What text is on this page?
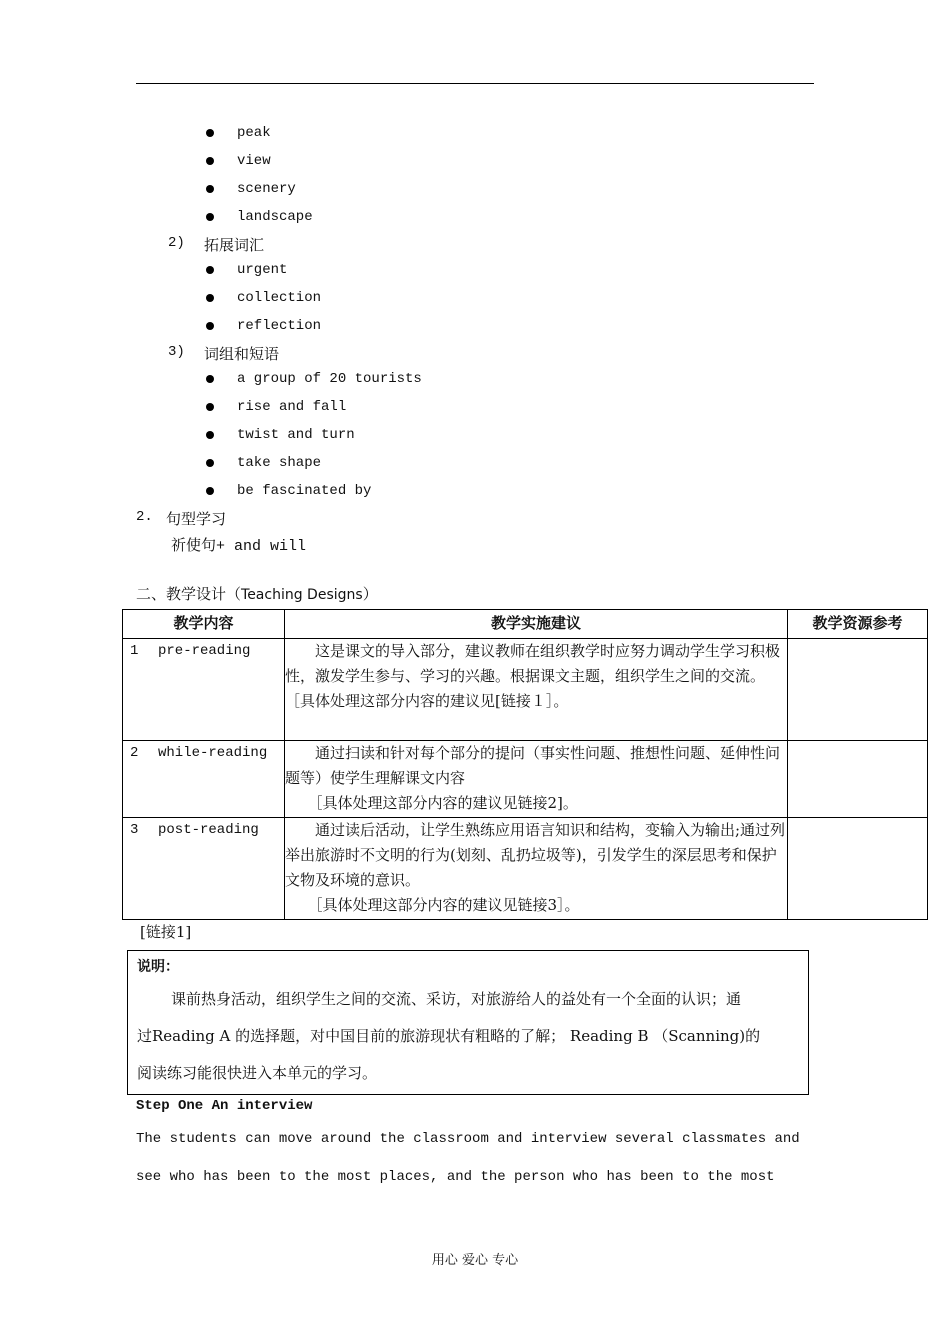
peak
view
scenery
landscape
2) 拓展词汇
urgent
collection
reflection
3) 词组和短语
a group of 20 tourists
rise and fall
twist and turn
take shape
be fascinated by
2. 句型学习
祈使句+ and will
二、教学设计（Teaching Designs）
教学内容	教学实施建议	教学资源参考
1 pre-reading	　　这是课文的导入部分，建议教师在组织教学时应努力调动学生学习积极性，激发学生参与、学习的兴趣。根据课文主题，组织学生之间的交流。
［具体处理这部分内容的建议见[链接１］。	

2 while-reading	　　通过扫读和针对每个部分的提问（事实性问题、推想性问题、延伸性问题等）使学生理解课文内容
　　［具体处理这部分内容的建议见链接2]。	

3 post-reading	　　通过读后活动，让学生熟练应用语言知识和结构，变输入为输出;通过列举出旅游时不文明的行为(划刻、乱扔垃圾等)，引发学生的深层思考和保护文物及环境的意识。
　　［具体处理这部分内容的建议见链接3］。	

[链接1]
说明：
课前热身活动，组织学生之间的交流、采访，对旅游给人的益处有一个全面的认识；通
过Reading A 的选择题，对中国目前的旅游现状有粗略的了解； Reading B （Scanning)的
阅读练习能很快进入本单元的学习。
Step One An interview
The students can move around the classroom and interview several classmates and
see who has been to the most places, and the person who has been to the most
用心 爱心 专心
